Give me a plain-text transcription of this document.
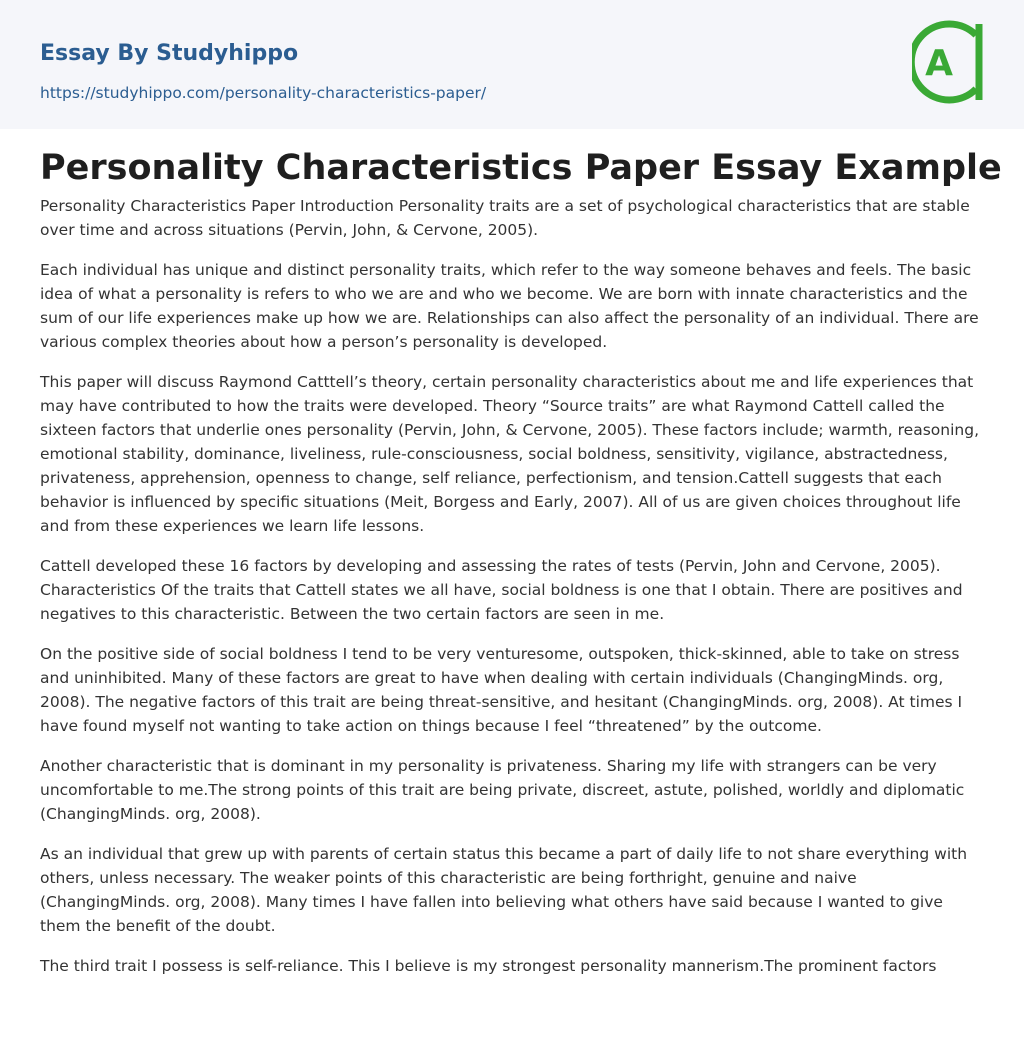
Essay By Studyhippo
https://studyhippo.com/personality-characteristics-paper/
A
Personality Characteristics Paper Essay Example

Personality Characteristics Paper Introduction Personality traits are a set of psychological characteristics that are stable over time and across situations (Pervin, John, & Cervone, 2005).

Each individual has unique and distinct personality traits, which refer to the way someone behaves and feels. The basic idea of what a personality is refers to who we are and who we become. We are born with innate characteristics and the sum of our life experiences make up how we are. Relationships can also affect the personality of an individual. There are various complex theories about how a person’s personality is developed.

This paper will discuss Raymond Catttell’s theory, certain personality characteristics about me and life experiences that may have contributed to how the traits were developed. Theory “Source traits” are what Raymond Cattell called the sixteen factors that underlie ones personality (Pervin, John, & Cervone, 2005). These factors include; warmth, reasoning, emotional stability, dominance, liveliness, rule-consciousness, social boldness, sensitivity, vigilance, abstractedness, privateness, apprehension, openness to change, self reliance, perfectionism, and tension.Cattell suggests that each behavior is influenced by specific situations (Meit, Borgess and Early, 2007). All of us are given choices throughout life and from these experiences we learn life lessons.

Cattell developed these 16 factors by developing and assessing the rates of tests (Pervin, John and Cervone, 2005). Characteristics Of the traits that Cattell states we all have, social boldness is one that I obtain. There are positives and negatives to this characteristic. Between the two certain factors are seen in me.

On the positive side of social boldness I tend to be very venturesome, outspoken, thick-skinned, able to take on stress and uninhibited. Many of these factors are great to have when dealing with certain individuals (ChangingMinds. org, 2008). The negative factors of this trait are being threat-sensitive, and hesitant (ChangingMinds. org, 2008). At times I have found myself not wanting to take action on things because I feel “threatened” by the outcome.

Another characteristic that is dominant in my personality is privateness. Sharing my life with strangers can be very uncomfortable to me.The strong points of this trait are being private, discreet, astute, polished, worldly and diplomatic (ChangingMinds. org, 2008).

As an individual that grew up with parents of certain status this became a part of daily life to not share everything with others, unless necessary. The weaker points of this characteristic are being forthright, genuine and naive (ChangingMinds. org, 2008). Many times I have fallen into believing what others have said because I wanted to give them the benefit of the doubt.

The third trait I possess is self-reliance. This I believe is my strongest personality mannerism.The prominent factors
